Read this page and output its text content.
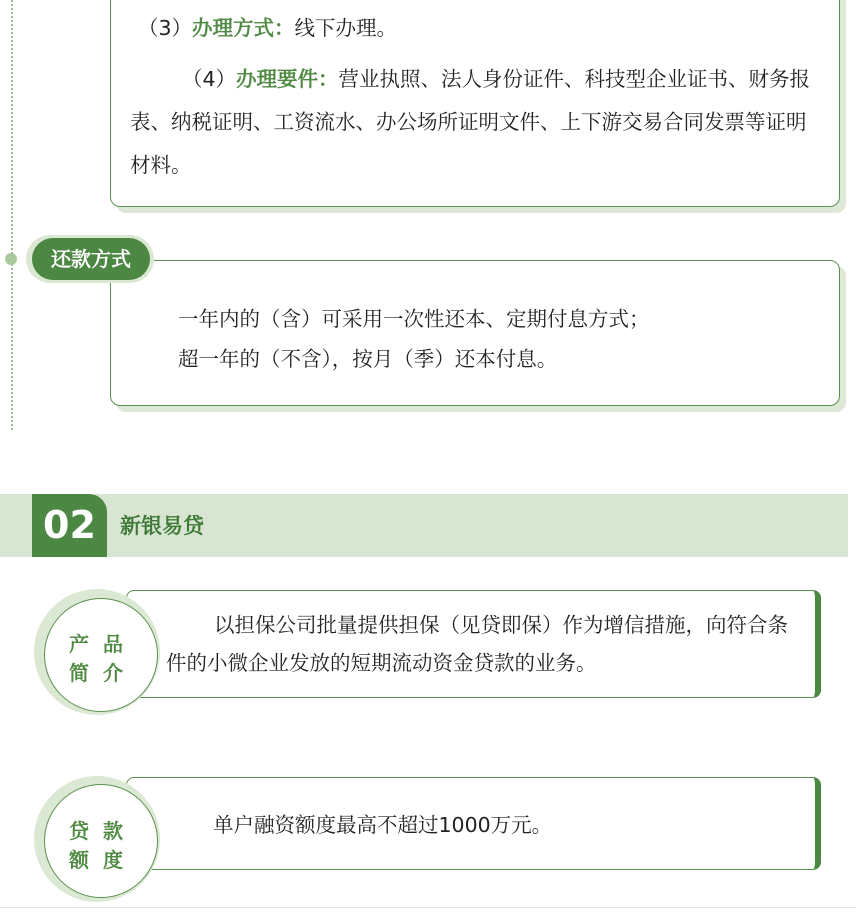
（3）办理方式：线下办理。
（4）办理要件：营业执照、法人身份证件、科技型企业证书、财务报表、纳税证明、工资流水、办公场所证明文件、上下游交易合同发票等证明材料。
还款方式
一年内的（含）可采用一次性还本、定期付息方式；
超一年的（不含），按月（季）还本付息。
02	新银易贷
产品
简介
以担保公司批量提供担保（见贷即保）作为增信措施，向符合条件的小微企业发放的短期流动资金贷款的业务。
贷款
额度
单户融资额度最高不超过1000万元。
